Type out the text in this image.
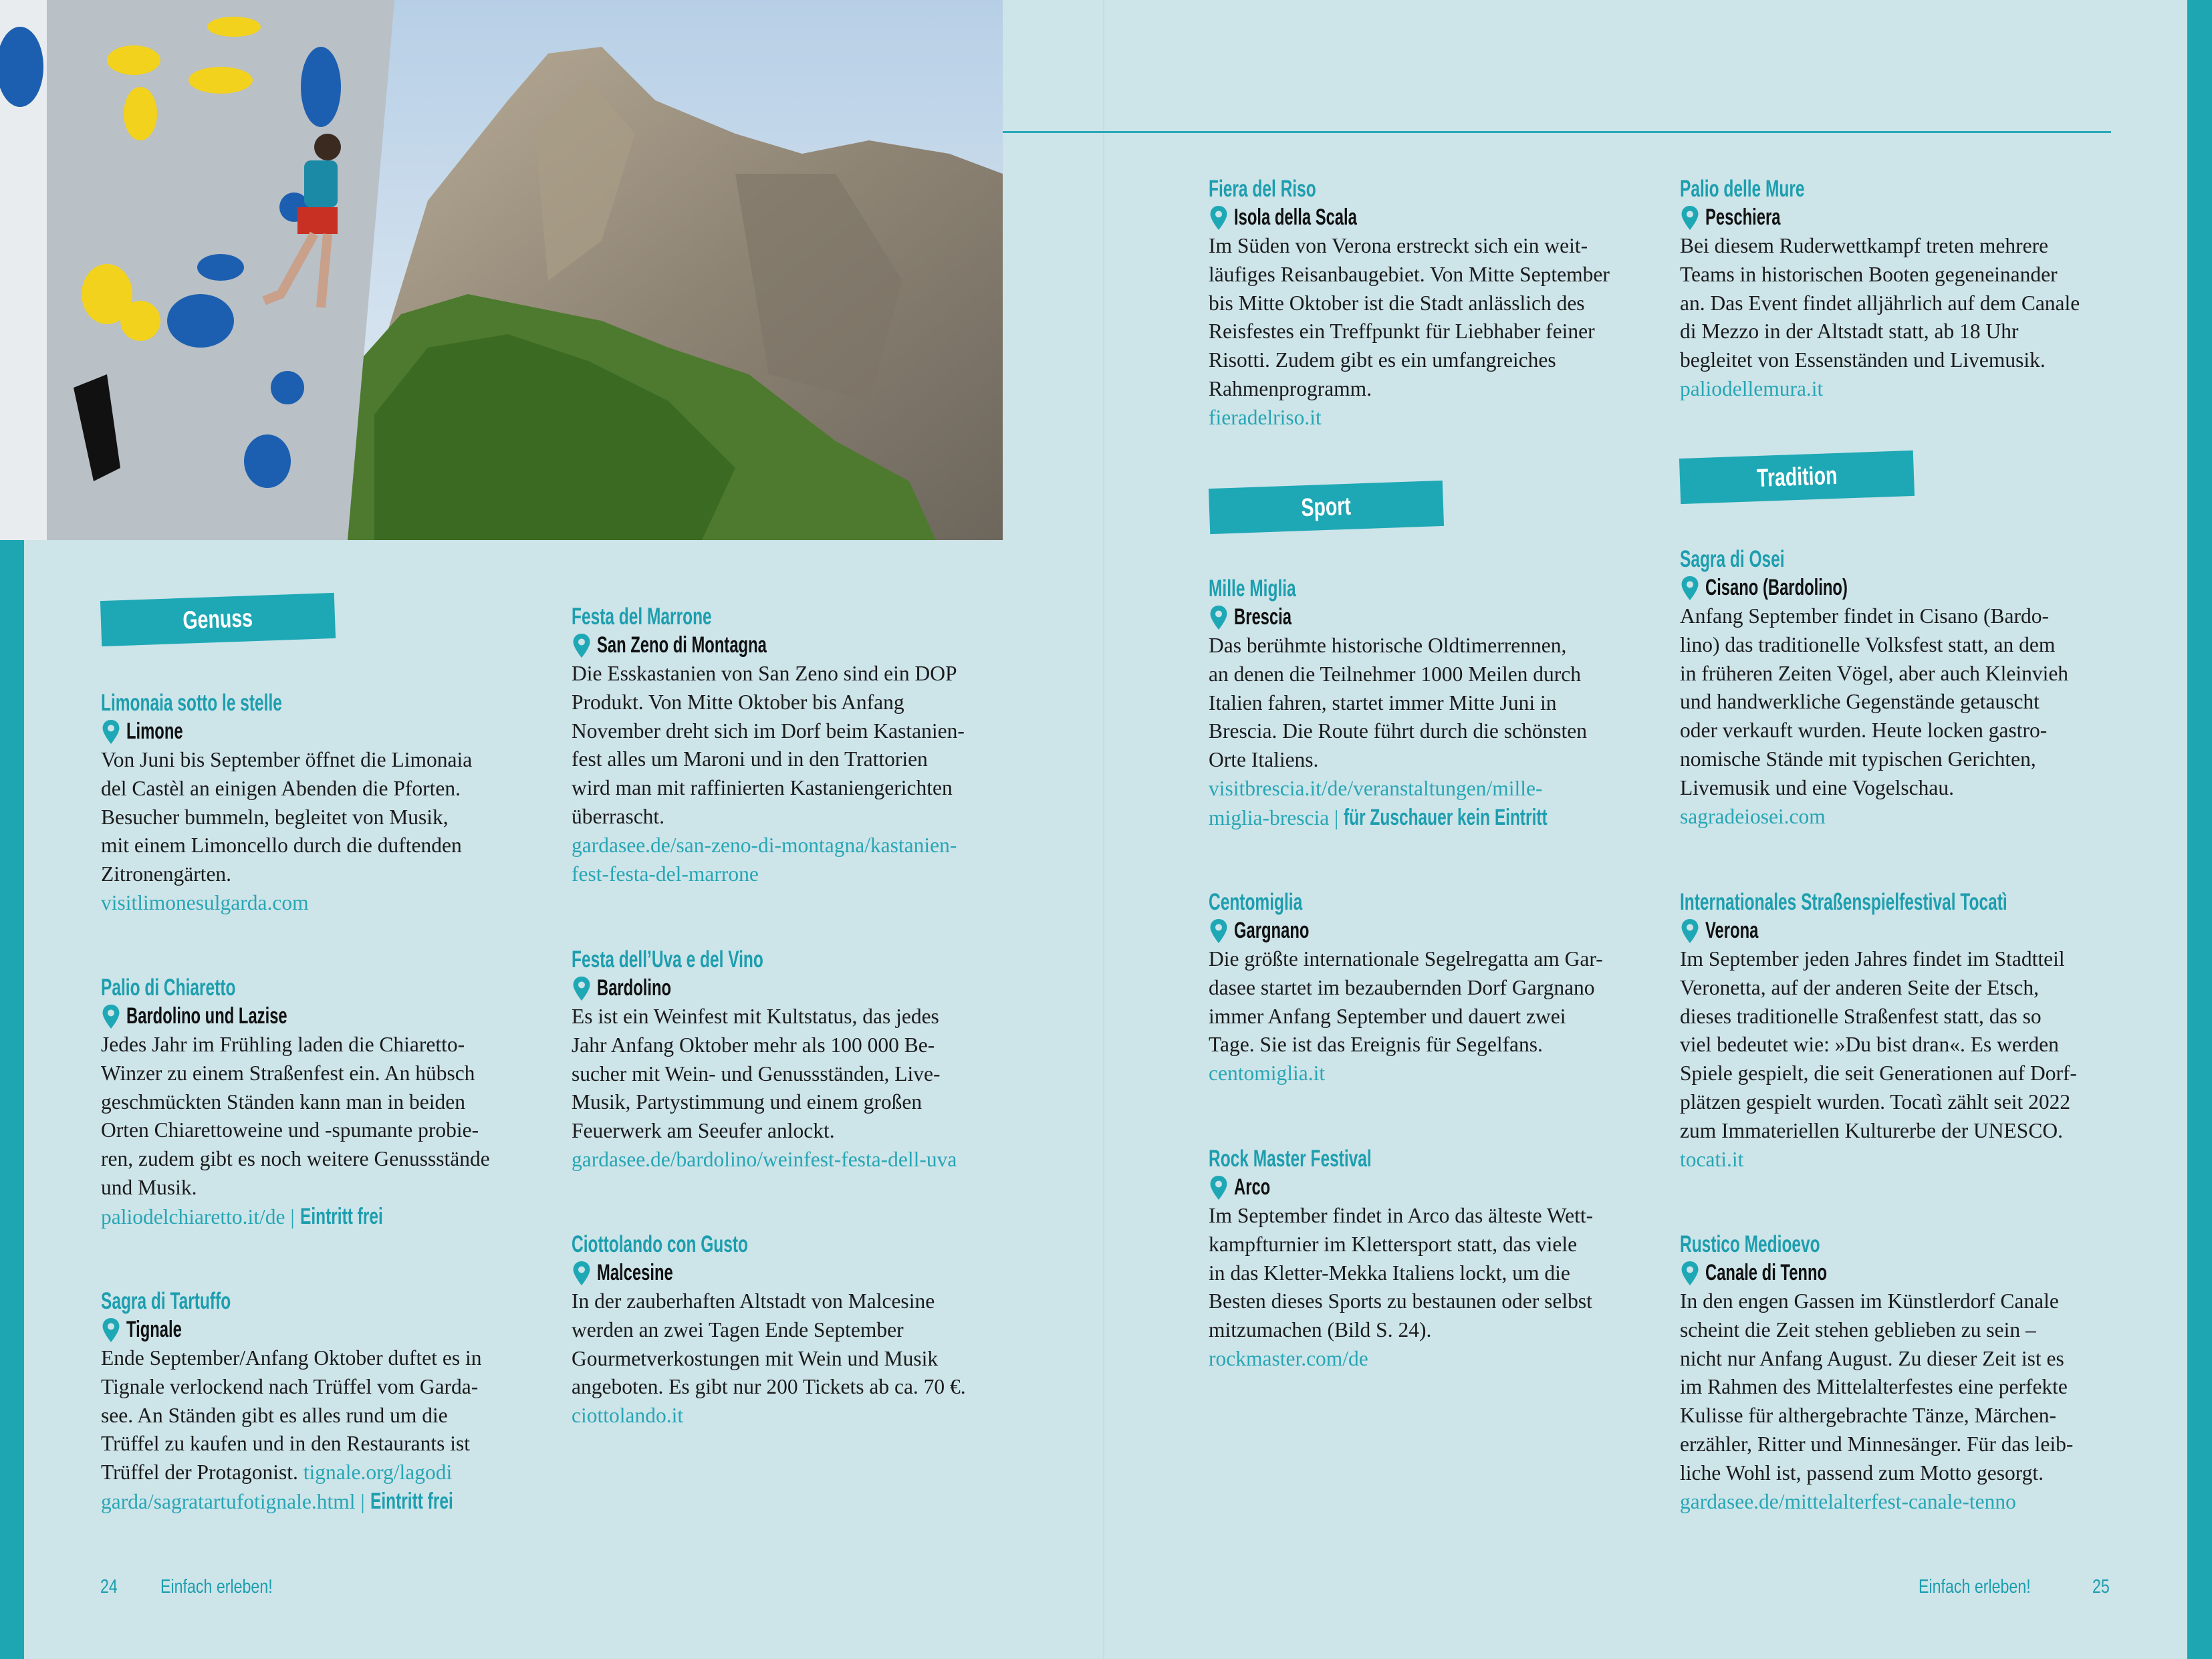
Genuss
Sport
Tradition
Limonaia sotto le stelle
Limone
Von Juni bis September öffnet die Limonaia
del Castèl an einigen Abenden die Pforten.
Besucher bummeln, begleitet von Musik,
mit einem Limoncello durch die duftenden
Zitronengärten.
visitlimonesulgarda.com
Palio di Chiaretto
Bardolino und Lazise
Jedes Jahr im Frühling laden die Chiaretto-
Winzer zu einem Straßenfest ein. An hübsch
geschmückten Ständen kann man in beiden
Orten Chiarettoweine und -spumante probie-
ren, zudem gibt es noch weitere Genussstände
und Musik.
paliodelchiaretto.it/de | Eintritt frei
Sagra di Tartuffo
Tignale
Ende September/Anfang Oktober duftet es in
Tignale verlockend nach Trüffel vom Garda-
see. An Ständen gibt es alles rund um die
Trüffel zu kaufen und in den Restaurants ist
Trüffel der Protagonist. tignale.org/lagodi
garda/sagratartufotignale.html | Eintritt frei
Festa del Marrone
San Zeno di Montagna
Die Esskastanien von San Zeno sind ein DOP
Produkt. Von Mitte Oktober bis Anfang
November dreht sich im Dorf beim Kastanien-
fest alles um Maroni und in den Trattorien
wird man mit raffinierten Kastaniengerichten
überrascht.
gardasee.de/san-zeno-di-montagna/kastanien-
fest-festa-del-marrone
Festa dell’Uva e del Vino
Bardolino
Es ist ein Weinfest mit Kultstatus, das jedes
Jahr Anfang Oktober mehr als 100 000 Be-
sucher mit Wein- und Genussständen, Live-
Musik, Partystimmung und einem großen
Feuerwerk am Seeufer anlockt.
gardasee.de/bardolino/weinfest-festa-dell-uva
Ciottolando con Gusto
Malcesine
In der zauberhaften Altstadt von Malcesine
werden an zwei Tagen Ende September
Gourmetverkostungen mit Wein und Musik
angeboten. Es gibt nur 200 Tickets ab ca. 70 €.
ciottolando.it
Fiera del Riso
Isola della Scala
Im Süden von Verona erstreckt sich ein weit-
läufiges Reisanbaugebiet. Von Mitte September
bis Mitte Oktober ist die Stadt anlässlich des
Reisfestes ein Treffpunkt für Liebhaber feiner
Risotti. Zudem gibt es ein umfangreiches
Rahmenprogramm.
fieradelriso.it
Mille Miglia
Brescia
Das berühmte historische Oldtimerrennen,
an denen die Teilnehmer 1000 Meilen durch
Italien fahren, startet immer Mitte Juni in
Brescia. Die Route führt durch die schönsten
Orte Italiens.
visitbrescia.it/de/veranstaltungen/mille-
miglia-brescia | für Zuschauer kein Eintritt
Centomiglia
Gargnano
Die größte internationale Segelregatta am Gar-
dasee startet im bezaubernden Dorf Gargnano
immer Anfang September und dauert zwei
Tage. Sie ist das Ereignis für Segelfans.
centomiglia.it
Rock Master Festival
Arco
Im September findet in Arco das älteste Wett-
kampfturnier im Klettersport statt, das viele
in das Kletter-Mekka Italiens lockt, um die
Besten dieses Sports zu bestaunen oder selbst
mitzumachen (Bild S. 24).
rockmaster.com/de
Palio delle Mure
Peschiera
Bei diesem Ruderwettkampf treten mehrere
Teams in historischen Booten gegeneinander
an. Das Event findet alljährlich auf dem Canale
di Mezzo in der Altstadt statt, ab 18 Uhr
begleitet von Essenständen und Livemusik.
paliodellemura.it
Sagra di Osei
Cisano (Bardolino)
Anfang September findet in Cisano (Bardo-
lino) das traditionelle Volksfest statt, an dem
in früheren Zeiten Vögel, aber auch Kleinvieh
und handwerkliche Gegenstände getauscht
oder verkauft wurden. Heute locken gastro-
nomische Stände mit typischen Gerichten,
Livemusik und eine Vogelschau.
sagradeiosei.com
Internationales Straßenspielfestival Tocatì
Verona
Im September jeden Jahres findet im Stadtteil
Veronetta, auf der anderen Seite der Etsch,
dieses traditionelle Straßenfest statt, das so
viel bedeutet wie: »Du bist dran«. Es werden
Spiele gespielt, die seit Generationen auf Dorf-
plätzen gespielt wurden. Tocatì zählt seit 2022
zum Immateriellen Kulturerbe der UNESCO.
tocati.it
Rustico Medioevo
Canale di Tenno
In den engen Gassen im Künstlerdorf Canale
scheint die Zeit stehen geblieben zu sein –
nicht nur Anfang August. Zu dieser Zeit ist es
im Rahmen des Mittelalterfestes eine perfekte
Kulisse für althergebrachte Tänze, Märchen-
erzähler, Ritter und Minnesänger. Für das leib-
liche Wohl ist, passend zum Motto gesorgt.
gardasee.de/mittelalterfest-canale-tenno
24 Einfach erleben!	Einfach erleben!	25
